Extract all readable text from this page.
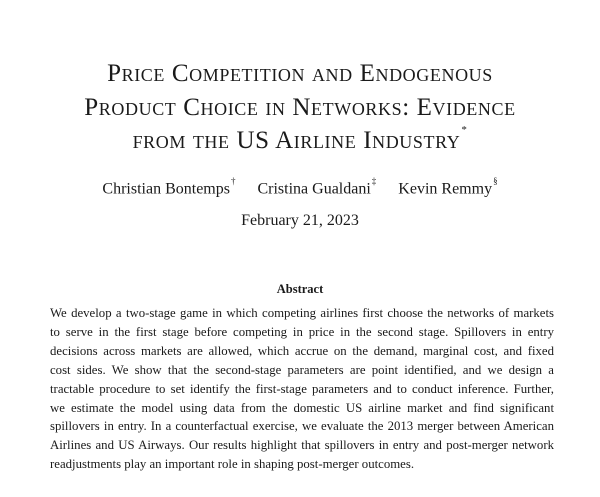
Price Competition and Endogenous
Product Choice in Networks: Evidence
from the US Airline Industry*
Christian Bontemps† Cristina Gualdani‡ Kevin Remmy§
February 21, 2023
Abstract
We develop a two-stage game in which competing airlines first choose the networks of markets
to serve in the first stage before competing in price in the second stage. Spillovers in entry
decisions across markets are allowed, which accrue on the demand, marginal cost, and fixed
cost sides. We show that the second-stage parameters are point identified, and we design a
tractable procedure to set identify the first-stage parameters and to conduct inference. Further,
we estimate the model using data from the domestic US airline market and find significant
spillovers in entry. In a counterfactual exercise, we evaluate the 2013 merger between American
Airlines and US Airways. Our results highlight that spillovers in entry and post-merger network
readjustments play an important role in shaping post-merger outcomes.
